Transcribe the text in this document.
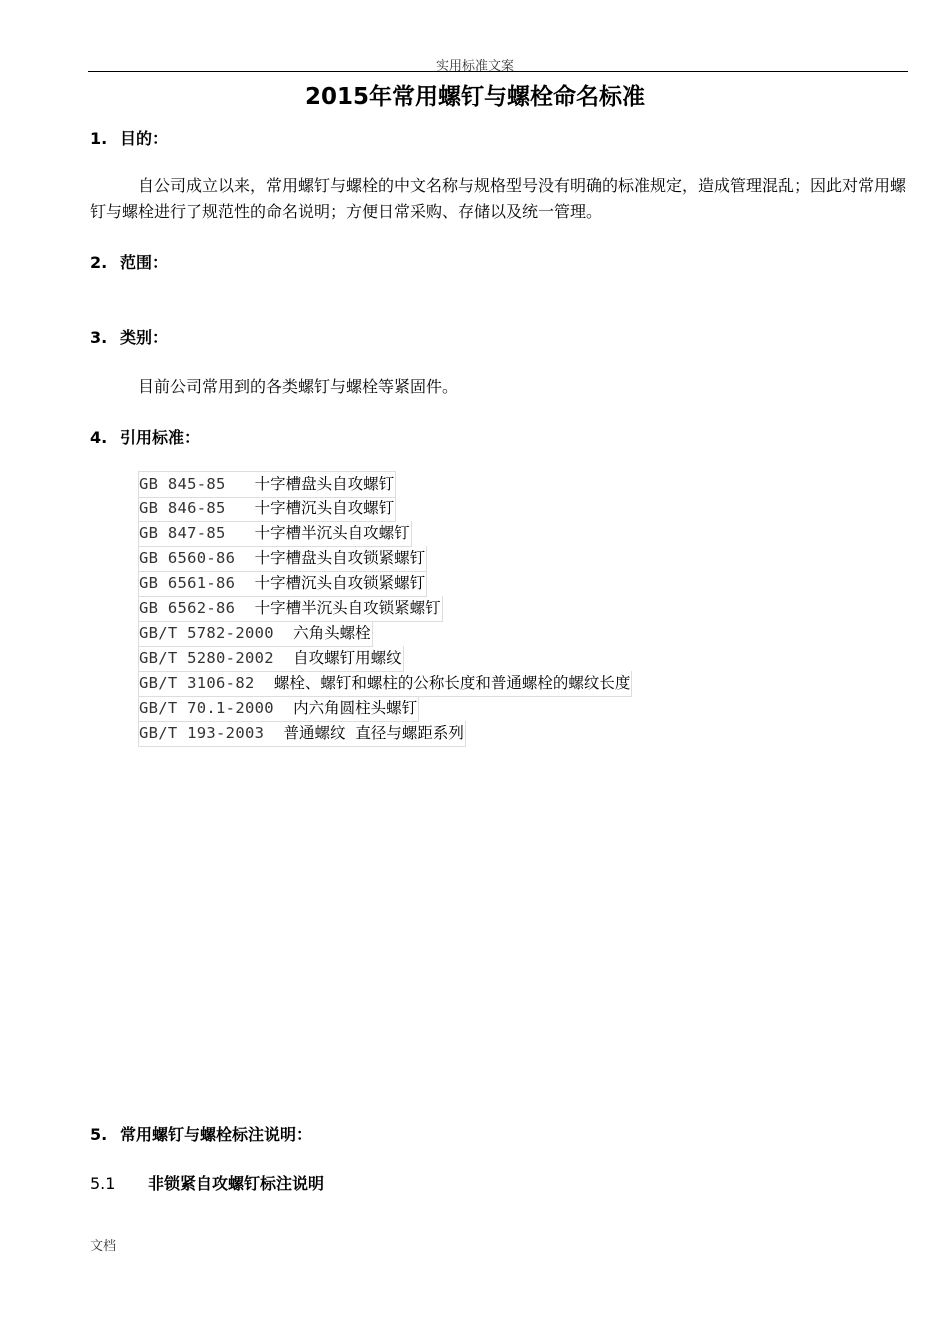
实用标准文案
2015年常用螺钉与螺栓命名标准
1. 目的：
自公司成立以来，常用螺钉与螺栓的中文名称与规格型号没有明确的标准规定，造成管理混乱；因此对常用螺钉与螺栓进行了规范性的命名说明；方便日常采购、存储以及统一管理。
2. 范围：
3. 类别：
目前公司常用到的各类螺钉与螺栓等紧固件。
4. 引用标准：
GB 845-85   十字槽盘头自攻螺钉
GB 846-85   十字槽沉头自攻螺钉
GB 847-85   十字槽半沉头自攻螺钉
GB 6560-86  十字槽盘头自攻锁紧螺钉
GB 6561-86  十字槽沉头自攻锁紧螺钉
GB 6562-86  十字槽半沉头自攻锁紧螺钉
GB/T 5782-2000  六角头螺栓
GB/T 5280-2002  自攻螺钉用螺纹
GB/T 3106-82  螺栓、螺钉和螺柱的公称长度和普通螺栓的螺纹长度
GB/T 70.1-2000  内六角圆柱头螺钉
GB/T 193-2003  普通螺纹  直径与螺距系列
5. 常用螺钉与螺栓标注说明：
5.1 非锁紧自攻螺钉标注说明
文档
